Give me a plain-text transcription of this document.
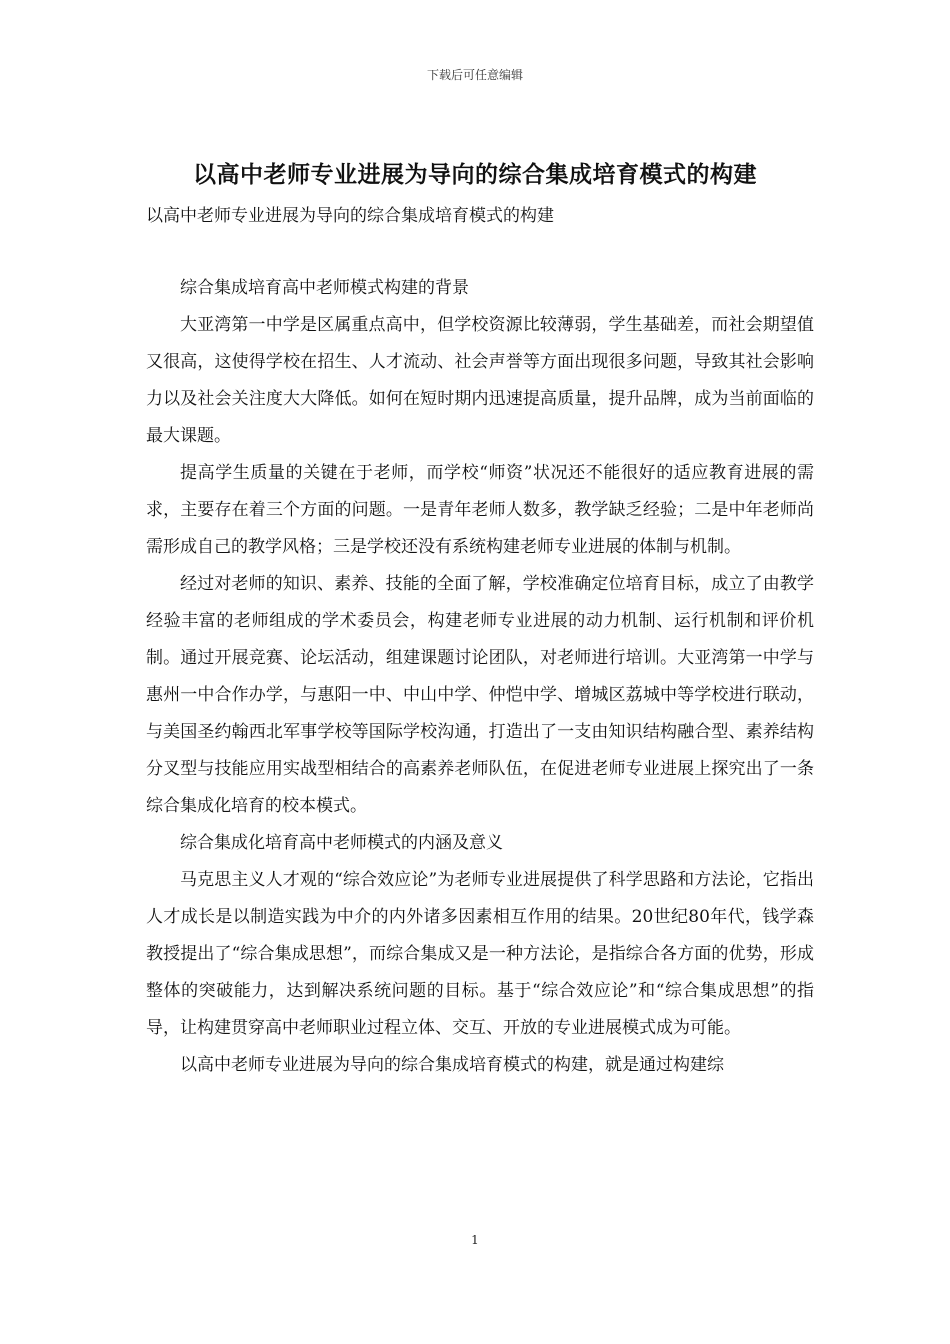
下载后可任意编辑
以高中老师专业进展为导向的综合集成培育模式的构建
以高中老师专业进展为导向的综合集成培育模式的构建

综合集成培育高中老师模式构建的背景

大亚湾第一中学是区属重点高中，但学校资源比较薄弱，学生基础差，而社会期望值又很高，这使得学校在招生、人才流动、社会声誉等方面出现很多问题，导致其社会影响力以及社会关注度大大降低。如何在短时期内迅速提高质量，提升品牌，成为当前面临的最大课题。

提高学生质量的关键在于老师，而学校“师资”状况还不能很好的适应教育进展的需求，主要存在着三个方面的问题。一是青年老师人数多，教学缺乏经验；二是中年老师尚需形成自己的教学风格；三是学校还没有系统构建老师专业进展的体制与机制。

经过对老师的知识、素养、技能的全面了解，学校准确定位培育目标，成立了由教学经验丰富的老师组成的学术委员会，构建老师专业进展的动力机制、运行机制和评价机制。通过开展竞赛、论坛活动，组建课题讨论团队，对老师进行培训。大亚湾第一中学与惠州一中合作办学，与惠阳一中、中山中学、仲恺中学、增城区荔城中等学校进行联动，与美国圣约翰西北军事学校等国际学校沟通，打造出了一支由知识结构融合型、素养结构分叉型与技能应用实战型相结合的高素养老师队伍，在促进老师专业进展上探究出了一条综合集成化培育的校本模式。

综合集成化培育高中老师模式的内涵及意义

马克思主义人才观的“综合效应论”为老师专业进展提供了科学思路和方法论，它指出人才成长是以制造实践为中介的内外诸多因素相互作用的结果。20世纪80年代，钱学森教授提出了“综合集成思想”，而综合集成又是一种方法论，是指综合各方面的优势，形成整体的突破能力，达到解决系统问题的目标。基于“综合效应论”和“综合集成思想”的指导，让构建贯穿高中老师职业过程立体、交互、开放的专业进展模式成为可能。

以高中老师专业进展为导向的综合集成培育模式的构建，就是通过构建综

1
